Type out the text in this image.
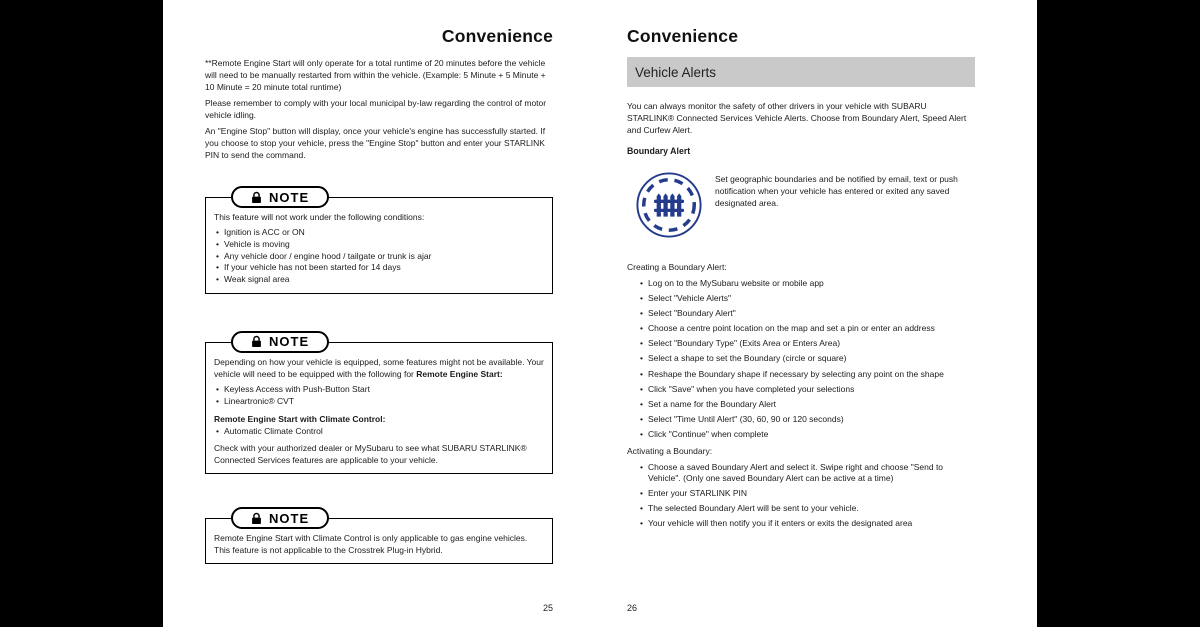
Convenience

**Remote Engine Start will only operate for a total runtime of 20 minutes before the vehicle will need to be manually restarted from within the vehicle. (Example: 5 Minute + 5 Minute + 10 Minute = 20 minute total runtime)

Please remember to comply with your local municipal by-law regarding the control of motor vehicle idling.

An "Engine Stop" button will display, once your vehicle's engine has successfully started. If you choose to stop your vehicle, press the "Engine Stop" button and enter your STARLINK PIN to send the command.

NOTE

This feature will not work under the following conditions:

• Ignition is ACC or ON
• Vehicle is moving
• Any vehicle door / engine hood / tailgate or trunk is ajar
• If your vehicle has not been started for 14 days
• Weak signal area
NOTE

Depending on how your vehicle is equipped, some features might not be available. Your vehicle will need to be equipped with the following for Remote Engine Start:

• Keyless Access with Push-Button Start
• Lineartronic® CVT

Remote Engine Start with Climate Control:

• Automatic Climate Control

Check with your authorized dealer or MySubaru to see what SUBARU STARLINK® Connected Services features are applicable to your vehicle.

NOTE

Remote Engine Start with Climate Control is only applicable to gas engine vehicles. This feature is not applicable to the Crosstrek Plug-in Hybrid.

25
Convenience
Vehicle Alerts

You can always monitor the safety of other drivers in your vehicle with SUBARU STARLINK® Connected Services Vehicle Alerts. Choose from Boundary Alert, Speed Alert and Curfew Alert.

Boundary Alert

Set geographic boundaries and be notified by email, text or push notification when your vehicle has entered or exited any saved designated area.

Creating a Boundary Alert:

• Log on to the MySubaru website or mobile app
• Select "Vehicle Alerts"
• Select "Boundary Alert"
• Choose a centre point location on the map and set a pin or enter an address
• Select "Boundary Type" (Exits Area or Enters Area)
• Select a shape to set the Boundary (circle or square)
• Reshape the Boundary shape if necessary by selecting any point on the shape
• Click "Save" when you have completed your selections
• Set a name for the Boundary Alert
• Select "Time Until Alert" (30, 60, 90 or 120 seconds)
• Click "Continue" when complete

Activating a Boundary:

• Choose a saved Boundary Alert and select it. Swipe right and choose "Send to Vehicle". (Only one saved Boundary Alert can be active at a time)
• Enter your STARLINK PIN
• The selected Boundary Alert will be sent to your vehicle.
• Your vehicle will then notify you if it enters or exits the designated area
26
